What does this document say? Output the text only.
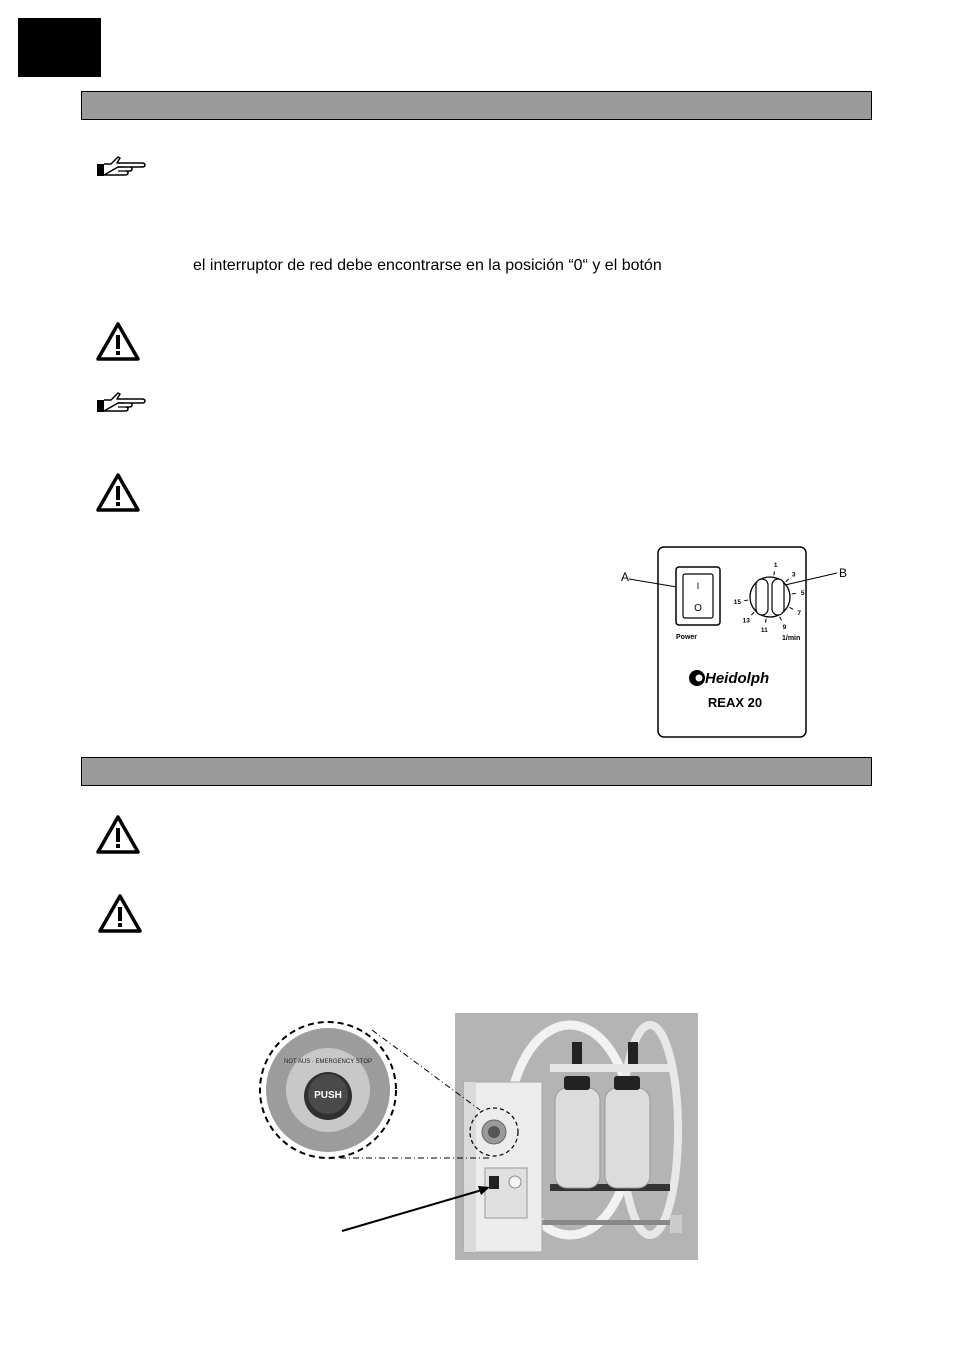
el interruptor de red debe encontrarse en la posición “0“ y el botón
A
I
O
Power
1
3
5
7
9
11
13
15
B
1/min
Heidolph
REAX 20
PUSH
NOT AUS · EMERGENCY STOP
